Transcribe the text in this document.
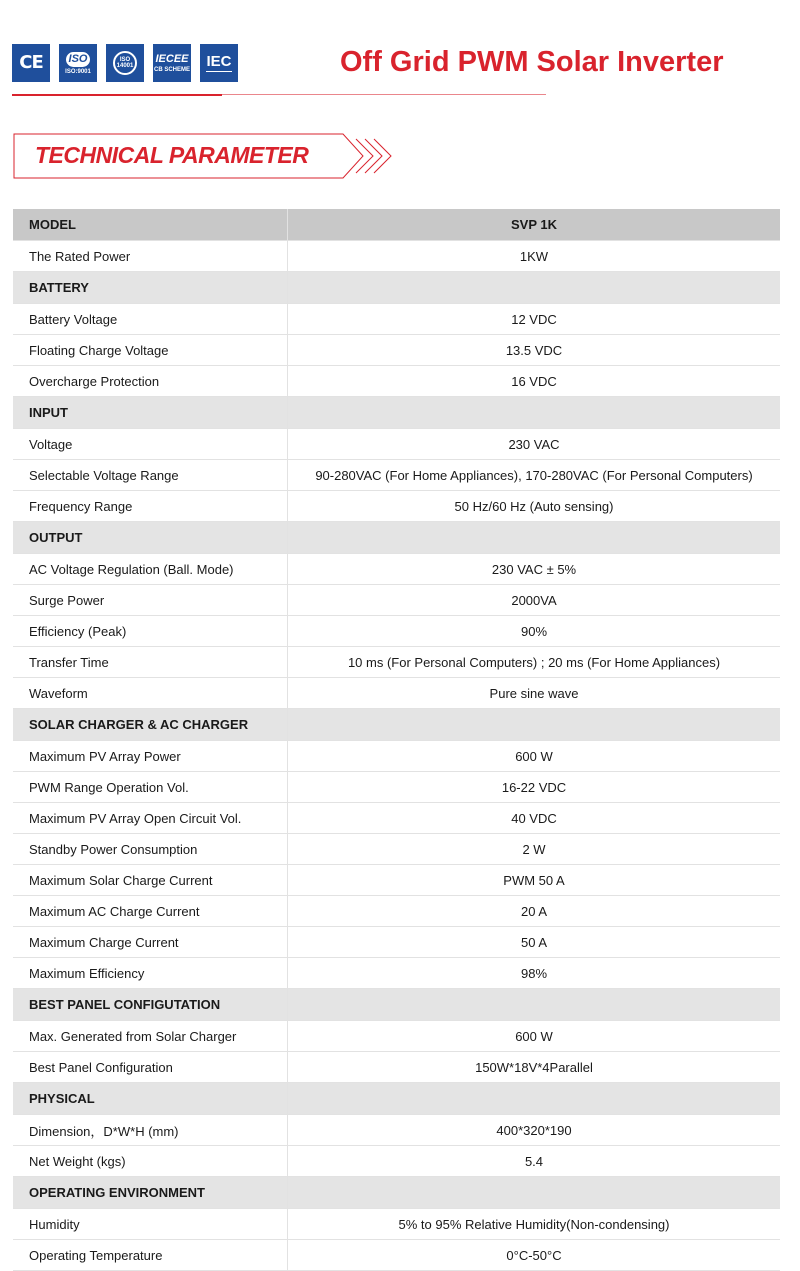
CE ISO
ISO:9001
ISO
14001
IECEE
CB SCHEME IEC	Off Grid PWM Solar Inverter
TECHNICAL PARAMETER
MODEL	SVP 1K
The Rated Power	1KW
BATTERY	
Battery Voltage	12 VDC
Floating Charge Voltage	13.5 VDC
Overcharge Protection	16 VDC
INPUT	
Voltage	230 VAC
Selectable Voltage Range	90-280VAC (For Home Appliances), 170-280VAC (For Personal Computers)
Frequency Range	50 Hz/60 Hz (Auto sensing)
OUTPUT	
AC Voltage Regulation (Ball. Mode)	230 VAC ± 5%
Surge Power	2000VA
Efficiency (Peak)	90%
Transfer Time	10 ms (For Personal Computers) ; 20 ms (For Home Appliances)
Waveform	Pure sine wave
SOLAR CHARGER & AC CHARGER	
Maximum PV Array Power	600 W
PWM Range Operation Vol.	16-22 VDC
Maximum PV Array Open Circuit Vol.	40 VDC
Standby Power Consumption	2 W
Maximum Solar Charge Current	PWM 50 A
Maximum AC Charge Current	20 A
Maximum Charge Current	50 A
Maximum Efficiency	98%
BEST PANEL CONFIGUTATION	
Max. Generated from Solar Charger	600 W
Best Panel Configuration	150W*18V*4Parallel
PHYSICAL	
Dimension，D*W*H (mm)	400*320*190
Net Weight (kgs)	5.4
OPERATING ENVIRONMENT	
Humidity	5% to 95% Relative Humidity(Non-condensing)
Operating Temperature	0°C-50°C
